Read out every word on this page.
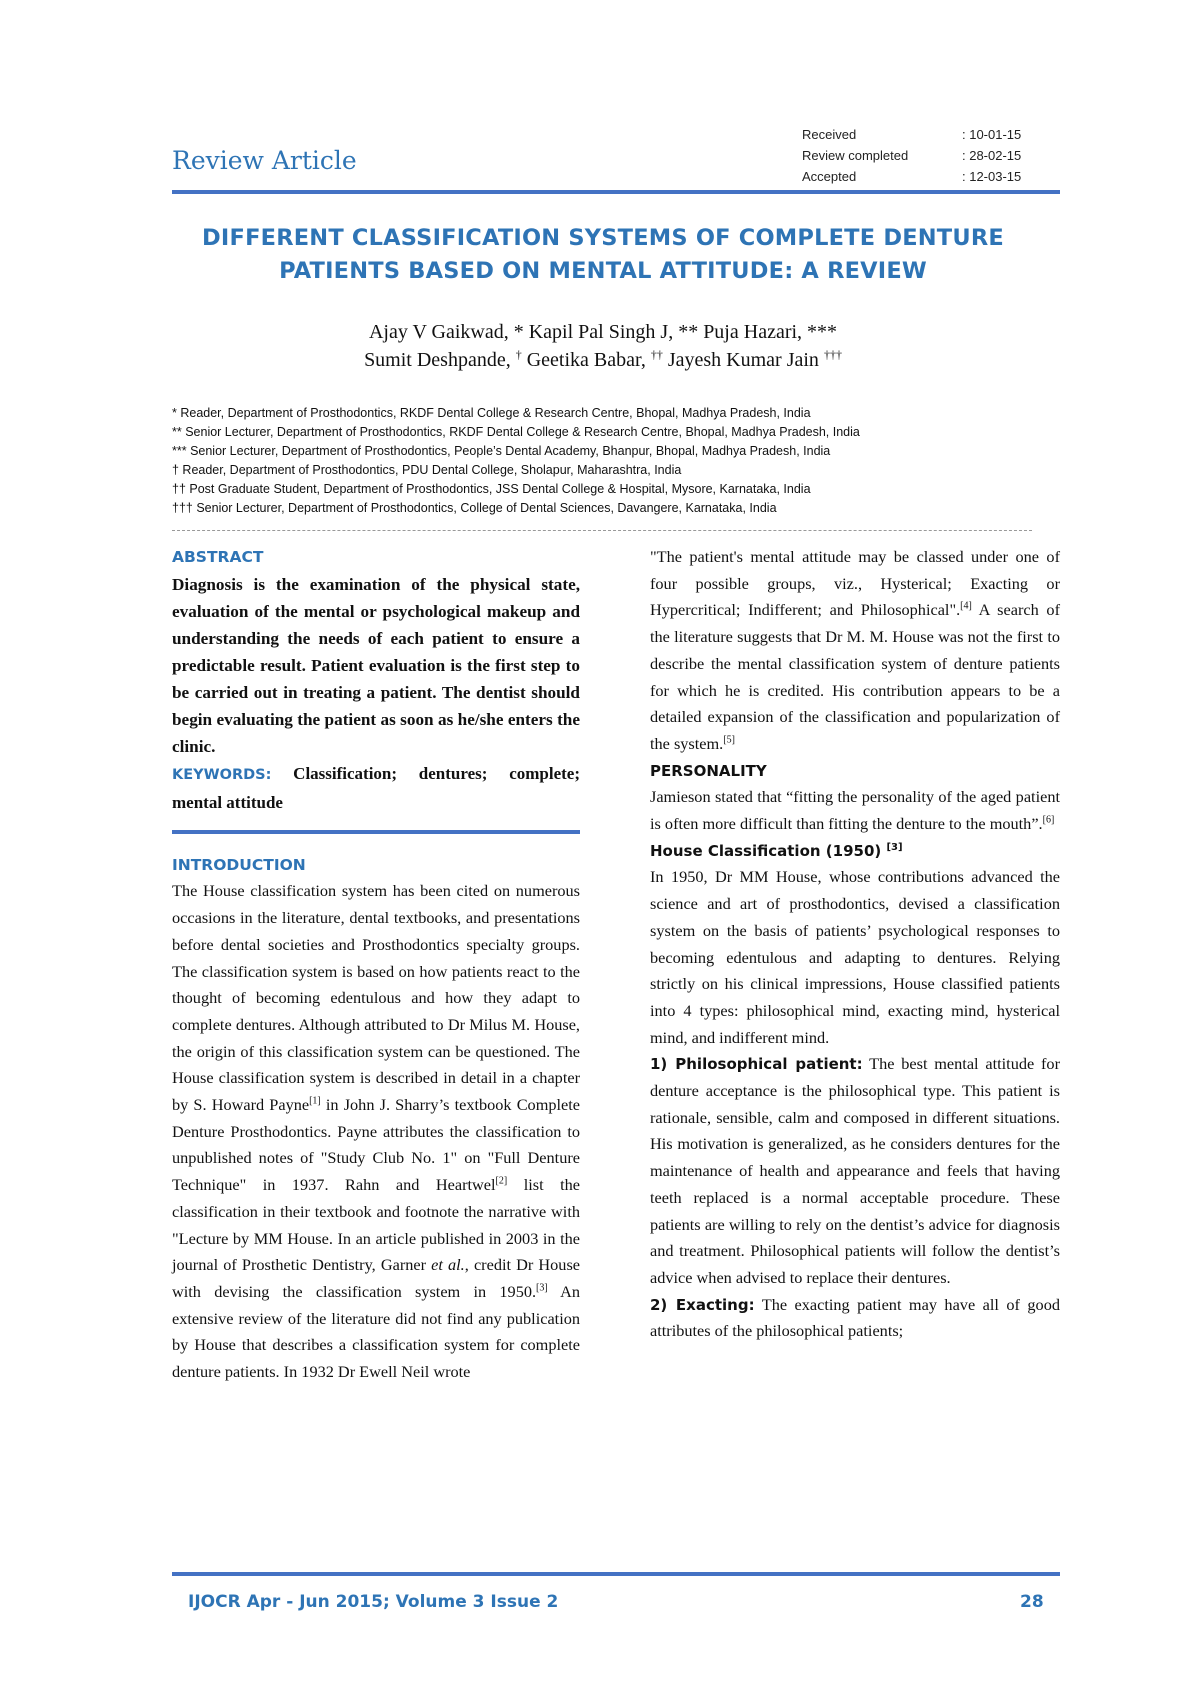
Review Article
Received	: 10-01-15
Review completed	: 28-02-15
Accepted	: 12-03-15
DIFFERENT CLASSIFICATION SYSTEMS OF COMPLETE DENTURE
PATIENTS BASED ON MENTAL ATTITUDE: A REVIEW
Ajay V Gaikwad, * Kapil Pal Singh J, ** Puja Hazari, ***
Sumit Deshpande, † Geetika Babar, †† Jayesh Kumar Jain †††
* Reader, Department of Prosthodontics, RKDF Dental College & Research Centre, Bhopal, Madhya Pradesh, India
** Senior Lecturer, Department of Prosthodontics, RKDF Dental College & Research Centre, Bhopal, Madhya Pradesh, India
*** Senior Lecturer, Department of Prosthodontics, People’s Dental Academy, Bhanpur, Bhopal, Madhya Pradesh, India
† Reader, Department of Prosthodontics, PDU Dental College, Sholapur, Maharashtra, India
†† Post Graduate Student, Department of Prosthodontics, JSS Dental College & Hospital, Mysore, Karnataka, India
††† Senior Lecturer, Department of Prosthodontics, College of Dental Sciences, Davangere, Karnataka, India
ABSTRACT

Diagnosis is the examination of the physical state, evaluation of the mental or psychological makeup and understanding the needs of each patient to ensure a predictable result. Patient evaluation is the first step to be carried out in treating a patient. The dentist should begin evaluating the patient as soon as he/she enters the clinic.

KEYWORDS: Classification; dentures; complete; mental attitude

INTRODUCTION

The House classification system has been cited on numerous occasions in the literature, dental textbooks, and presentations before dental societies and Prosthodontics specialty groups. The classification system is based on how patients react to the thought of becoming edentulous and how they adapt to complete dentures. Although attributed to Dr Milus M. House, the origin of this classification system can be questioned. The House classification system is described in detail in a chapter by S. Howard Payne[1] in John J. Sharry’s textbook Complete Denture Prosthodontics. Payne attributes the classification to unpublished notes of "Study Club No. 1" on "Full Denture Technique" in 1937. Rahn and Heartwel[2] list the classification in their textbook and footnote the narrative with "Lecture by MM House. In an article published in 2003 in the journal of Prosthetic Dentistry, Garner et al., credit Dr House with devising the classification system in 1950.[3] An extensive review of the literature did not find any publication by House that describes a classification system for complete denture patients. In 1932 Dr Ewell Neil wrote

"The patient's mental attitude may be classed under one of four possible groups, viz., Hysterical; Exacting or Hypercritical; Indifferent; and Philosophical".[4] A search of the literature suggests that Dr M. M. House was not the first to describe the mental classification system of denture patients for which he is credited. His contribution appears to be a detailed expansion of the classification and popularization of the system.[5]

PERSONALITY

Jamieson stated that “fitting the personality of the aged patient is often more difficult than fitting the denture to the mouth”.[6]

House Classification (1950) [3]

In 1950, Dr MM House, whose contributions advanced the science and art of prosthodontics, devised a classification system on the basis of patients’ psychological responses to becoming edentulous and adapting to dentures. Relying strictly on his clinical impressions, House classified patients into 4 types: philosophical mind, exacting mind, hysterical mind, and indifferent mind.

1) Philosophical patient: The best mental attitude for denture acceptance is the philosophical type. This patient is rationale, sensible, calm and composed in different situations. His motivation is generalized, as he considers dentures for the maintenance of health and appearance and feels that having teeth replaced is a normal acceptable procedure. These patients are willing to rely on the dentist’s advice for diagnosis and treatment. Philosophical patients will follow the dentist’s advice when advised to replace their dentures.

2) Exacting: The exacting patient may have all of good attributes of the philosophical patients;

IJOCR Apr - Jun 2015; Volume 3 Issue 2	28
